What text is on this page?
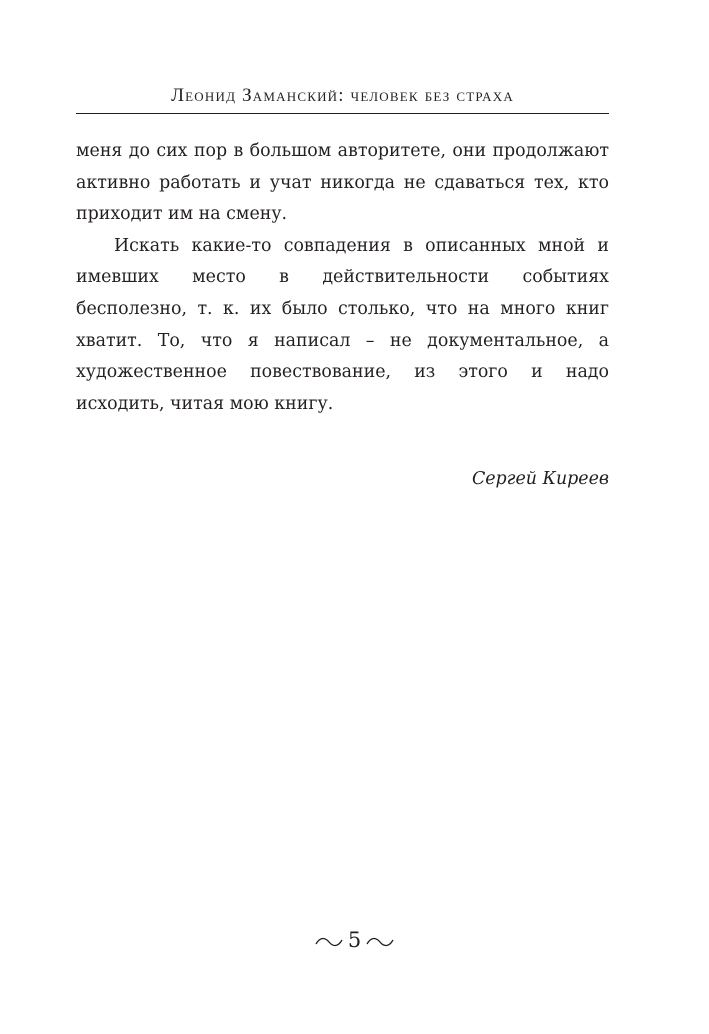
Леонид Заманский: человек без страха

меня до сих пор в большом авторитете, они продолжают активно работать и учат никогда не сдаваться тех, кто приходит им на смену.

Искать какие-то совпадения в описанных мной и имевших место в действительности событиях бесполезно, т. к. их было столько, что на много книг хватит. То, что я написал – не документальное, а художественное повествование, из этого и надо исходить, читая мою книгу.

Сергей Киреев
5
